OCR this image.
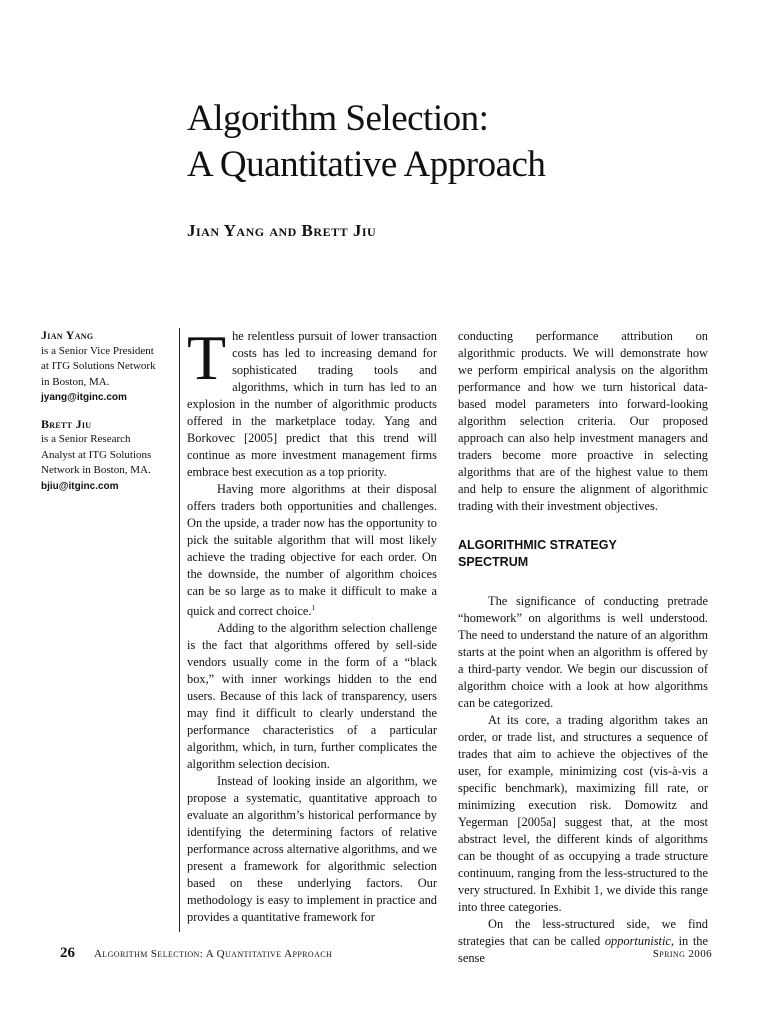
Algorithm Selection:
A Quantitative Approach
Jian Yang and Brett Jiu
Jian Yang
is a Senior Vice President
at ITG Solutions Network
in Boston, MA.
jyang@itginc.com
Brett Jiu
is a Senior Research
Analyst at ITG Solutions
Network in Boston, MA.
bjiu@itginc.com

The relentless pursuit of lower transaction costs has led to increasing demand for sophisticated trading tools and algorithms, which in turn has led to an explosion in the number of algorithmic products offered in the marketplace today. Yang and Borkovec [2005] predict that this trend will continue as more investment management firms embrace best execution as a top priority.

Having more algorithms at their disposal offers traders both opportunities and challenges. On the upside, a trader now has the opportunity to pick the suitable algorithm that will most likely achieve the trading objective for each order. On the downside, the number of algorithm choices can be so large as to make it difficult to make a quick and correct choice.$^1$

Adding to the algorithm selection challenge is the fact that algorithms offered by sell-side vendors usually come in the form of a “black box,” with inner workings hidden to the end users. Because of this lack of transparency, users may find it difficult to clearly understand the performance characteristics of a particular algorithm, which, in turn, further complicates the algorithm selection decision.

Instead of looking inside an algorithm, we propose a systematic, quantitative approach to evaluate an algorithm’s historical performance by identifying the determining factors of relative performance across alternative algorithms, and we present a framework for algorithmic selection based on these underlying factors. Our methodology is easy to implement in practice and provides a quantitative framework for

conducting performance attribution on algorithmic products. We will demonstrate how we perform empirical analysis on the algorithm performance and how we turn historical data-based model parameters into forward-looking algorithm selection criteria. Our proposed approach can also help investment managers and traders become more proactive in selecting algorithms that are of the highest value to them and help to ensure the alignment of algorithmic trading with their investment objectives.

ALGORITHMIC STRATEGY
SPECTRUM

The significance of conducting pretrade “homework” on algorithms is well understood. The need to understand the nature of an algorithm starts at the point when an algorithm is offered by a third-party vendor. We begin our discussion of algorithm choice with a look at how algorithms can be categorized.

At its core, a trading algorithm takes an order, or trade list, and structures a sequence of trades that aim to achieve the objectives of the user, for example, minimizing cost (vis-à-vis a specific benchmark), maximizing fill rate, or minimizing execution risk. Domowitz and Yegerman [2005a] suggest that, at the most abstract level, the different kinds of algorithms can be thought of as occupying a trade structure continuum, ranging from the less-structured to the very structured. In Exhibit 1, we divide this range into three categories.

On the less-structured side, we find strategies that can be called opportunistic, in the sense

26 Algorithm Selection: A Quantitative Approach	Spring 2006
